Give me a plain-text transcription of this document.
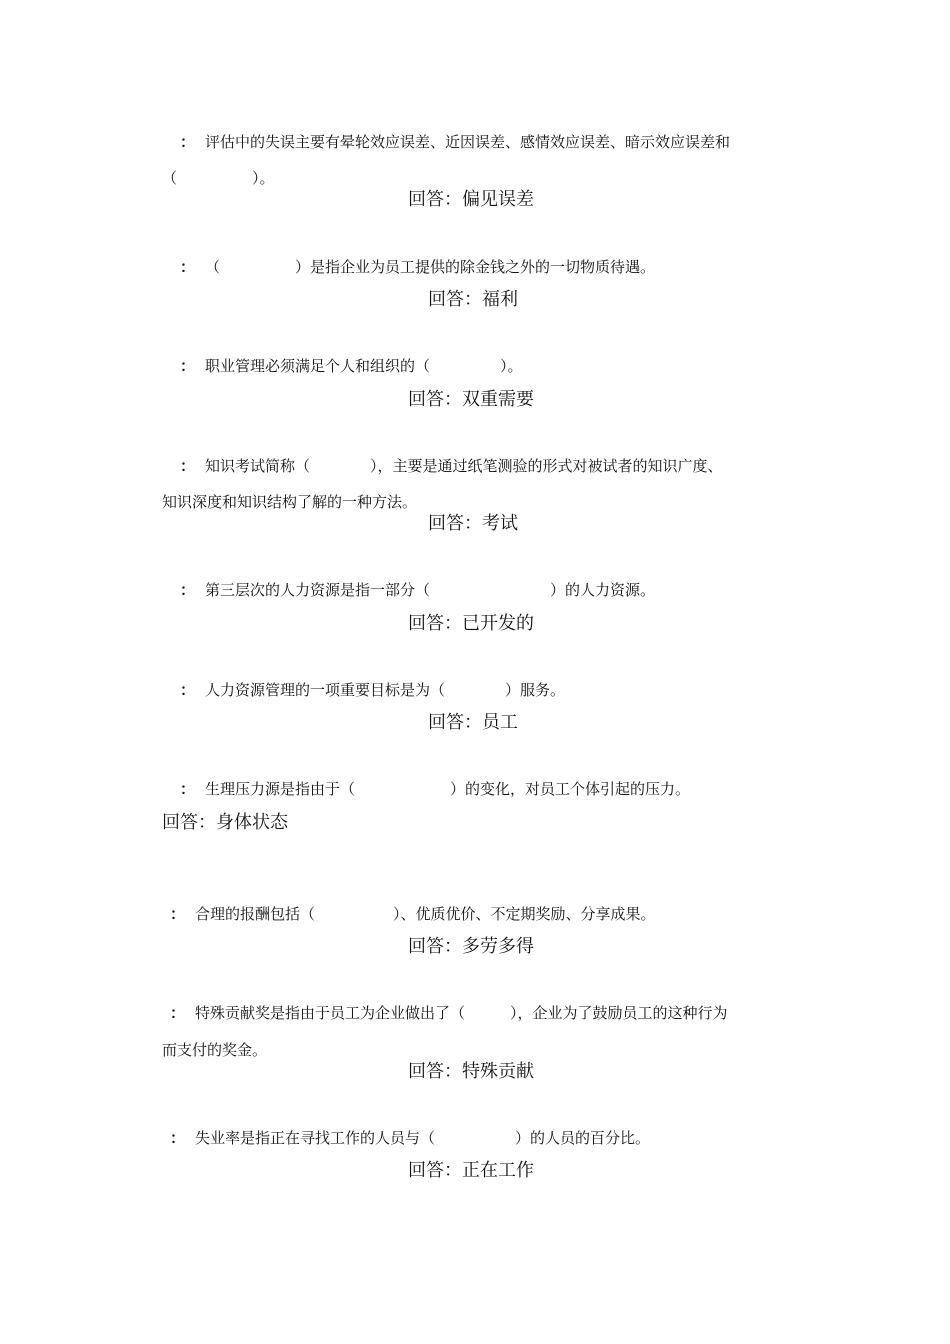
： 评估中的失误主要有晕轮效应误差、近因误差、感情效应误差、暗示效应误差和
（　　　　　）。
回答：偏见误差
： （	）是指企业为员工提供的除金钱之外的一切物质待遇。
回答：福利
： 职业管理必须满足个人和组织的（	）。
回答：双重需要
： 知识考试简称（	），主要是通过纸笔测验的形式对被试者的知识广度、
知识深度和知识结构了解的一种方法。
回答：考试
： 第三层次的人力资源是指一部分（	）的人力资源。
回答：已开发的
： 人力资源管理的一项重要目标是为（	）服务。
回答：员工
： 生理压力源是指由于（	）的变化，对员工个体引起的压力。
回答：身体状态
： 合理的报酬包括（	）、优质优价、不定期奖励、分享成果。
回答：多劳多得
： 特殊贡献奖是指由于员工为企业做出了（	），企业为了鼓励员工的这种行为
而支付的奖金。
回答：特殊贡献
： 失业率是指正在寻找工作的人员与（	）的人员的百分比。
回答：正在工作
